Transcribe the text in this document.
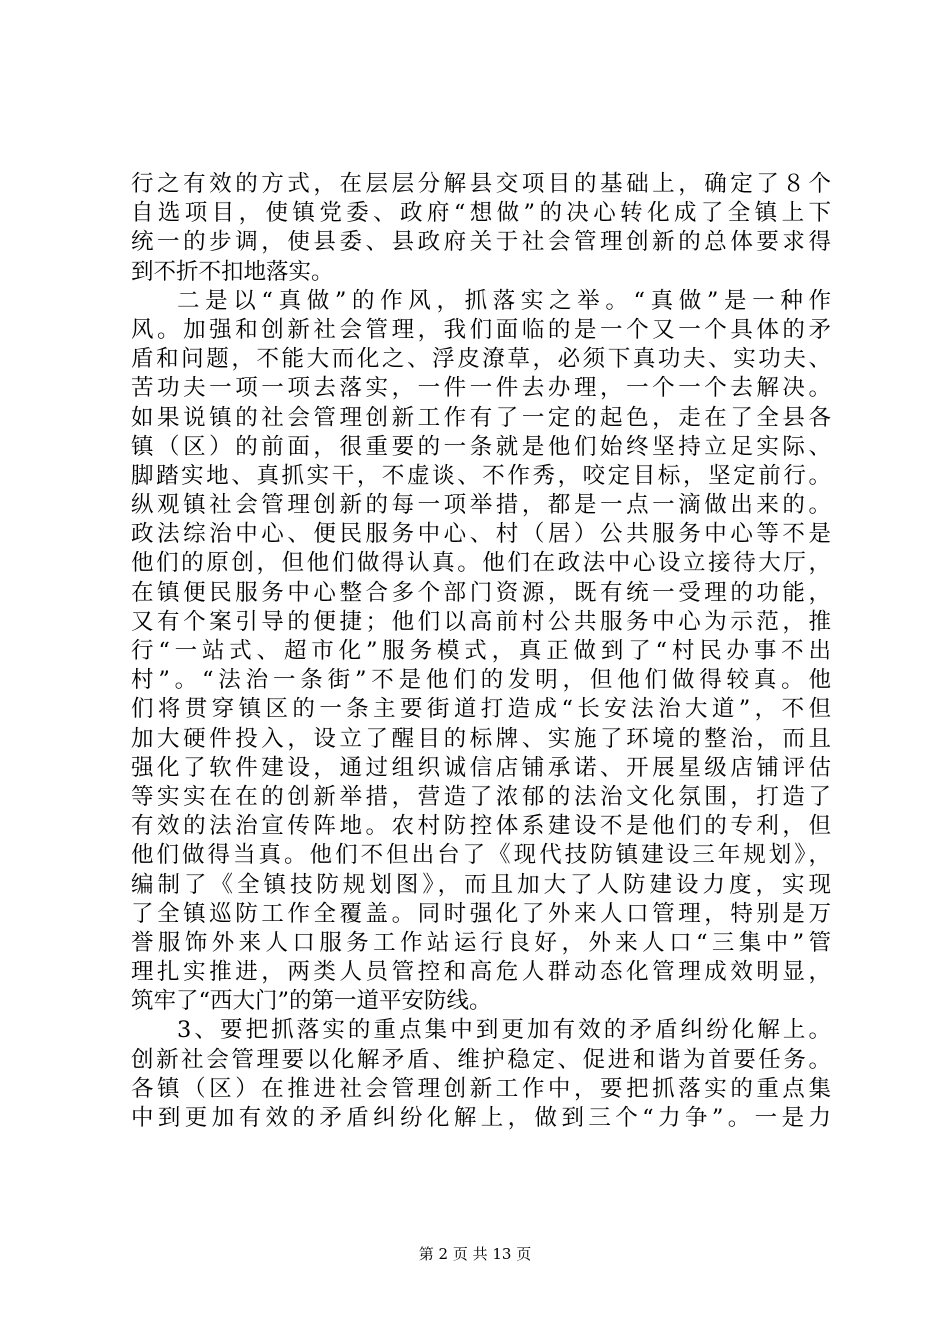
行之有效的方式，在层层分解县交项目的基础上，确定了８个
自选项目，使镇党委、政府“想做”的决心转化成了全镇上下
统一的步调，使县委、县政府关于社会管理创新的总体要求得
到不折不扣地落实。
二是以“真做”的作风，抓落实之举。“真做”是一种作
风。加强和创新社会管理，我们面临的是一个又一个具体的矛
盾和问题，不能大而化之、浮皮潦草，必须下真功夫、实功夫、
苦功夫一项一项去落实，一件一件去办理，一个一个去解决。
如果说镇的社会管理创新工作有了一定的起色，走在了全县各
镇（区）的前面，很重要的一条就是他们始终坚持立足实际、
脚踏实地、真抓实干，不虚谈、不作秀，咬定目标，坚定前行。
纵观镇社会管理创新的每一项举措，都是一点一滴做出来的。
政法综治中心、便民服务中心、村（居）公共服务中心等不是
他们的原创，但他们做得认真。他们在政法中心设立接待大厅，
在镇便民服务中心整合多个部门资源，既有统一受理的功能，
又有个案引导的便捷；他们以高前村公共服务中心为示范，推
行“一站式、超市化”服务模式，真正做到了“村民办事不出
村”。“法治一条街”不是他们的发明，但他们做得较真。他
们将贯穿镇区的一条主要街道打造成“长安法治大道”，不但
加大硬件投入，设立了醒目的标牌、实施了环境的整治，而且
强化了软件建设，通过组织诚信店铺承诺、开展星级店铺评估
等实实在在的创新举措，营造了浓郁的法治文化氛围，打造了
有效的法治宣传阵地。农村防控体系建设不是他们的专利，但
他们做得当真。他们不但出台了《现代技防镇建设三年规划》，
编制了《全镇技防规划图》，而且加大了人防建设力度，实现
了全镇巡防工作全覆盖。同时强化了外来人口管理，特别是万
誉服饰外来人口服务工作站运行良好，外来人口“三集中”管
理扎实推进，两类人员管控和高危人群动态化管理成效明显，
筑牢了“西大门”的第一道平安防线。
3、要把抓落实的重点集中到更加有效的矛盾纠纷化解上。
创新社会管理要以化解矛盾、维护稳定、促进和谐为首要任务。
各镇（区）在推进社会管理创新工作中，要把抓落实的重点集
中到更加有效的矛盾纠纷化解上，做到三个“力争”。一是力
第 2 页 共 13 页
